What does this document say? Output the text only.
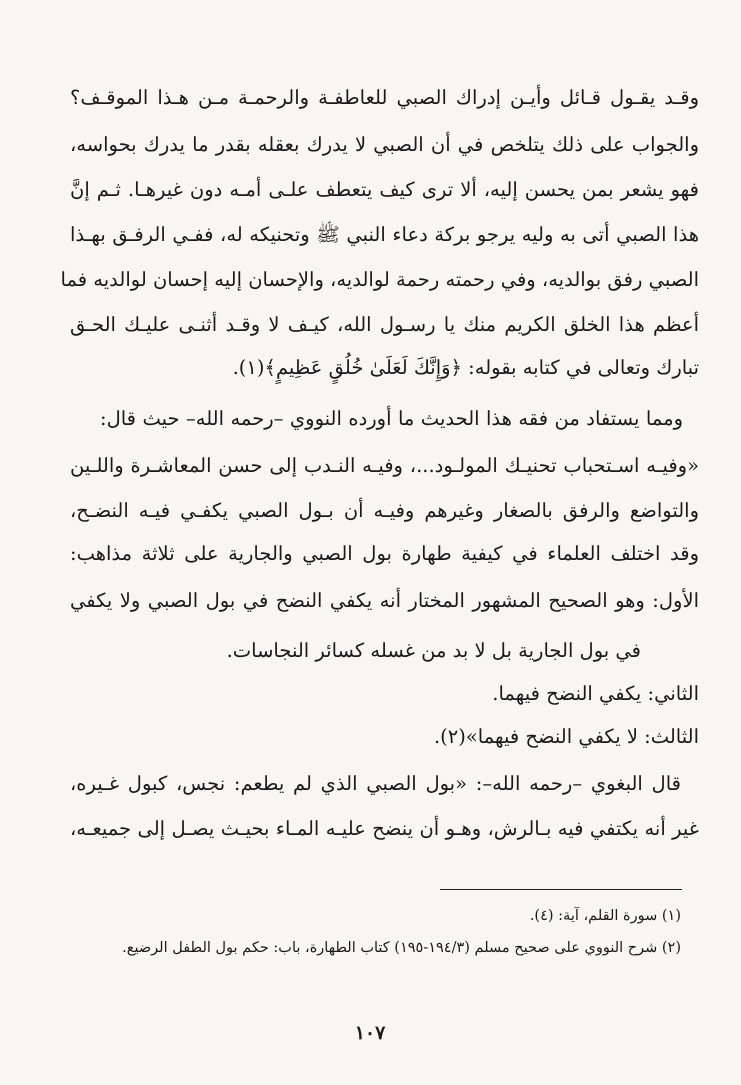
وقـد يقـول قـائل وأيـن إدراك الصبي للعاطفـة والرحمـة مـن هـذا الموقـف؟
والجواب على ذلك يتلخص في أن الصبي لا يدرك بعقله بقدر ما يدرك بحواسه،
فهو يشعر بمن يحسن إليه، ألا ترى كيف يتعطف علـى أمـه دون غيرهـا. ثـم إنَّ
هذا الصبي أتى به وليه يرجو بركة دعاء النبي ﷺ وتحنيكه له، ففـي الرفـق بهـذا
الصبي رفق بوالديه، وفي رحمته رحمة لوالديه، والإحسان إليه إحسان لوالديه فما
أعظم هذا الخلق الكريم منك يا رسـول الله، كيـف لا وقـد أثنـى عليـك الحـق
تبارك وتعالى في كتابه بقوله: ﴿وَإِنَّكَ لَعَلَىٰ خُلُقٍ عَظِيمٍ﴾(١).
ومما يستفاد من فقه هذا الحديث ما أورده النووي –رحمه الله– حيث قال:
«وفيـه اسـتحباب تحنيـك المولـود...، وفيـه النـدب إلى حسن المعاشـرة واللـين
والتواضع والرفق بالصغار وغيرهم وفيـه أن بـول الصبي يكفـي فيـه النضـح،
وقد اختلف العلماء في كيفية طهارة بول الصبي والجارية على ثلاثة مذاهب:
الأول: وهو الصحيح المشهور المختار أنه يكفي النضح في بول الصبي ولا يكفي
في بول الجارية بل لا بد من غسله كسائر النجاسات.
الثاني: يكفي النضح فيهما.
الثالث: لا يكفي النضح فيهما»(٢).
قال البغوي –رحمه الله–: «بول الصبي الذي لم يطعم: نجس، كبول غـيره،
غير أنه يكتفي فيه بـالرش، وهـو أن ينضح عليـه المـاء بحيـث يصـل إلى جميعـه،
(١) سورة القلم، آية: (٤).
(٢) شرح النووي على صحيح مسلم (١٩٤/٣-١٩٥) كتاب الطهارة، باب: حكم بول الطفل الرضيع.
١٠٧
